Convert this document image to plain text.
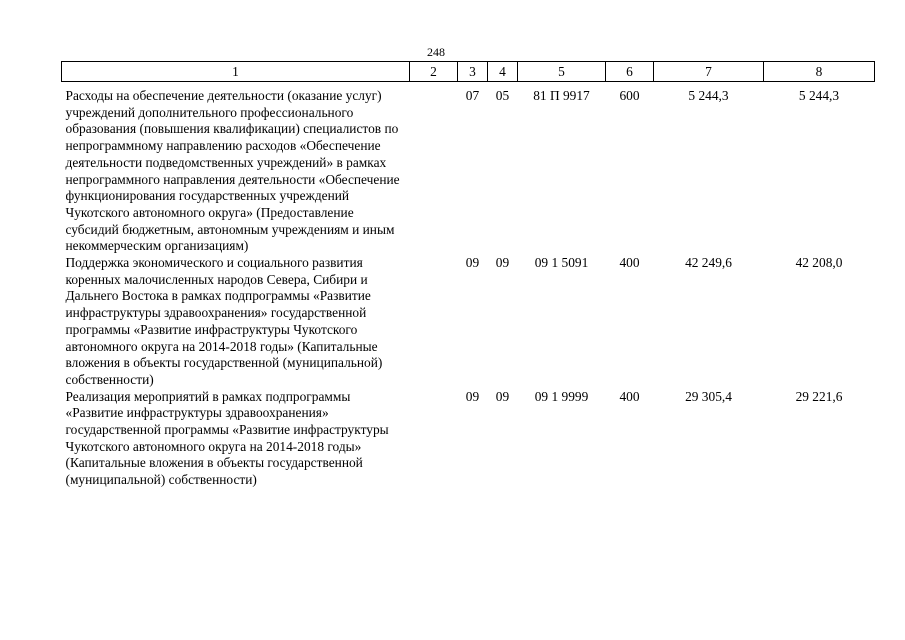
248
1	2	3	4	5	6	7	8
Расходы на обеспечение деятельности (оказание услуг) учреждений дополнительного профессионального образования (повышения квалификации) специалистов по непрограммному направлению расходов «Обеспечение деятельности подведомственных учреждений» в рамках непрограммного направления деятельности «Обеспечение функционирования государственных учреждений Чукотского автономного округа» (Предоставление субсидий бюджетным, автономным учреждениям и иным некоммерческим организациям)		07	05	81 П 9917	600	5 244,3	5 244,3
Поддержка экономического и социального развития коренных малочисленных народов Севера, Сибири и Дальнего Востока в рамках подпрограммы «Развитие инфраструктуры здравоохранения» государственной программы «Развитие инфраструктуры Чукотского автономного округа на 2014-2018 годы» (Капитальные вложения в объекты государственной (муниципальной) собственности)		09	09	09 1 5091	400	42 249,6	42 208,0
Реализация мероприятий в рамках подпрограммы «Развитие инфраструктуры здравоохранения» государственной программы «Развитие инфраструктуры Чукотского автономного округа на 2014-2018 годы» (Капитальные вложения в объекты государственной (муниципальной) собственности)		09	09	09 1 9999	400	29 305,4	29 221,6
